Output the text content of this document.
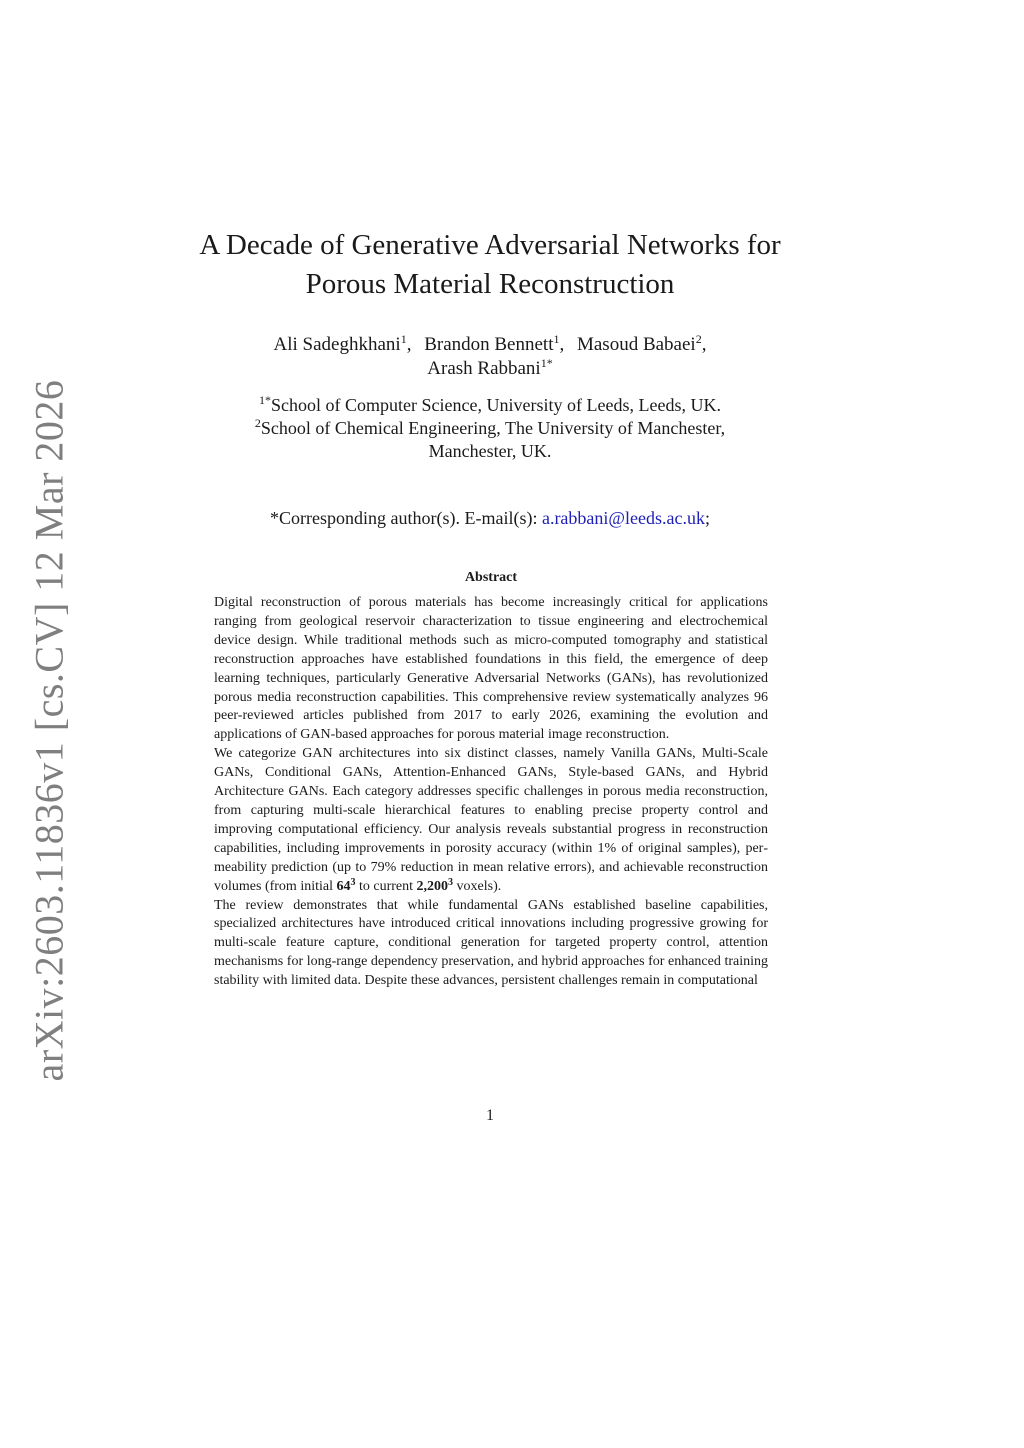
arXiv:2603.11836v1 [cs.CV] 12 Mar 2026
A Decade of Generative Adversarial Networks for
Porous Material Reconstruction
Ali Sadeghkhani$^1$, Brandon Bennett$^1$, Masoud Babaei$^2$,
Arash Rabbani$^{1*}$
$^{1*}$School of Computer Science, University of Leeds, Leeds, UK.
$^2$School of Chemical Engineering, The University of Manchester,
Manchester, UK.
*Corresponding author(s). E-mail(s): a.rabbani@leeds.ac.uk;
Abstract

Digital reconstruction of porous materials has become increasingly critical for applications ranging from geological reservoir characterization to tissue engineering and electrochemical device design. While traditional methods such as micro-computed tomography and statistical reconstruction approaches have established foundations in this field, the emergence of deep learning techniques, particularly Generative Adversarial Networks (GANs), has revolutionized porous media reconstruction capabilities. This comprehensive review systematically analyzes 96 peer-reviewed articles published from 2017 to early 2026, examining the evolution and applications of GAN-based approaches for porous material image reconstruction.

We categorize GAN architectures into six distinct classes, namely Vanilla GANs, Multi-Scale GANs, Conditional GANs, Attention-Enhanced GANs, Style-based GANs, and Hybrid Architecture GANs. Each category addresses specific challenges in porous media reconstruction, from capturing multi-scale hierarchical features to enabling precise property control and improving computational efficiency. Our analysis reveals substantial progress in reconstruction capabilities, including improvements in porosity accuracy (within 1% of original samples), permeability prediction (up to 79% reduction in mean relative errors), and achievable reconstruction volumes (from initial $64^3$ to current 2,200$^3$ voxels).

The review demonstrates that while fundamental GANs established baseline capabilities, specialized architectures have introduced critical innovations including progressive growing for multi-scale feature capture, conditional generation for targeted property control, attention mechanisms for long-range dependency preservation, and hybrid approaches for enhanced training stability with limited data. Despite these advances, persistent challenges remain in computational

1
